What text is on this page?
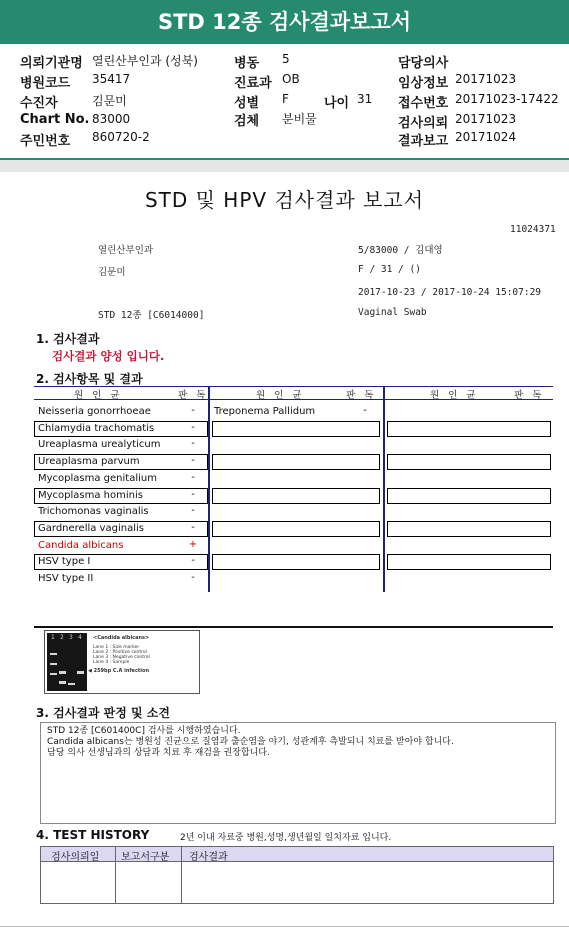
STD 12종 검사결과보고서
의뢰기관명 열린산부인과 (성북)
병원코드 35417
수진자	김문미
Chart No. 83000
주민번호 860720-2
병동 5
진료과 OB
성별 F	나이 31
검체 분비물
담당의사
임상정보 20171023
접수번호 20171023-17422
검사의뢰 20171023
결과보고 20171024
STD 및 HPV 검사결과 보고서
11024371
열린산부인과	5/83000 / 김대영
김문미	F / 31 / ()
2017-10-23 / 2017-10-24 15:07:29
STD 12종 [C6014000]	Vaginal Swab
1. 검사결과
검사결과 양성 입니다.
2. 검사항목 및 결과
원 인 균	판 독	원 인 균	판 독	원 인 균	판 독
Neisseria gonorrhoeae	-
Chlamydia trachomatis	-
Ureaplasma urealyticum	-
Ureaplasma parvum	-
Mycoplasma genitalium	-
Mycoplasma hominis	-
Trichomonas vaginalis	-
Gardnerella vaginalis	-
Candida albicans	+
HSV type I	-
HSV type II	-
Treponema Pallidum	-
1 2 3 4 <Candida albicans>
Lane 1 : Size marker
Lane 2 : Positive control
Lane 3 : Negative control
Lane 4 : Sample
◀ 259bp C.A infection
3. 검사결과 판정 및 소견
STD 12종 [C601400C] 검사를 시행하였습니다.
Candida albicans는 병원성 진균으로 질염과 출순염을 야기, 성관계후 측발되니 치료를 받아야 합니다.
담당 의사 선생님과의 상담과 치료 후 재검을 권장합니다.
4. TEST HISTORY	2년 이내 자료중 병원,성명,생년월일 일치자료 입니다.
검사의뢰일 보고서구분 검사결과
